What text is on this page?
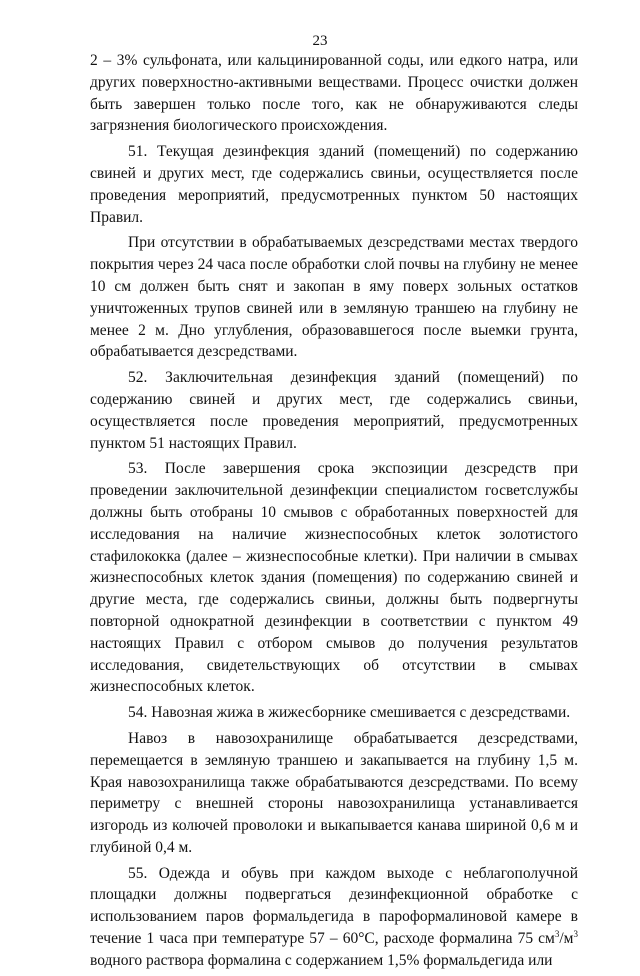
23

2 – 3% сульфоната, или кальцинированной соды, или едкого натра, или других поверхностно-активными веществами. Процесс очистки должен быть завершен только после того, как не обнаруживаются следы загрязнения биологического происхождения.

51. Текущая дезинфекция зданий (помещений) по содержанию свиней и других мест, где содержались свиньи, осуществляется после проведения мероприятий, предусмотренных пунктом 50 настоящих Правил.

При отсутствии в обрабатываемых дезсредствами местах твердого покрытия через 24 часа после обработки слой почвы на глубину не менее 10 см должен быть снят и закопан в яму поверх зольных остатков уничтоженных трупов свиней или в земляную траншею на глубину не менее 2 м. Дно углубления, образовавшегося после выемки грунта, обрабатывается дезсредствами.

52. Заключительная дезинфекция зданий (помещений) по содержанию свиней и других мест, где содержались свиньи, осуществляется после проведения мероприятий, предусмотренных пунктом 51 настоящих Правил.

53. После завершения срока экспозиции дезсредств при проведении заключительной дезинфекции специалистом госветслужбы должны быть отобраны 10 смывов с обработанных поверхностей для исследования на наличие жизнеспособных клеток золотистого стафилококка (далее – жизнеспособные клетки). При наличии в смывах жизнеспособных клеток здания (помещения) по содержанию свиней и другие места, где содержались свиньи, должны быть подвергнуты повторной однократной дезинфекции в соответствии с пунктом 49 настоящих Правил с отбором смывов до получения результатов исследования, свидетельствующих об отсутствии в смывах жизнеспособных клеток.

54. Навозная жижа в жижесборнике смешивается с дезсредствами.

Навоз в навозохранилище обрабатывается дезсредствами, перемещается в земляную траншею и закапывается на глубину 1,5 м. Края навозохранилища также обрабатываются дезсредствами. По всему периметру с внешней стороны навозохранилища устанавливается изгородь из колючей проволоки и выкапывается канава шириной 0,6 м и глубиной 0,4 м.

55. Одежда и обувь при каждом выходе с неблагополучной площадки должны подвергаться дезинфекционной обработке с использованием паров формальдегида в пароформалиновой камере в течение 1 часа при температуре 57 – 60°C, расходе формалина 75 $см^3/м^3$ водного раствора формалина с содержанием 1,5% формальдегида или
